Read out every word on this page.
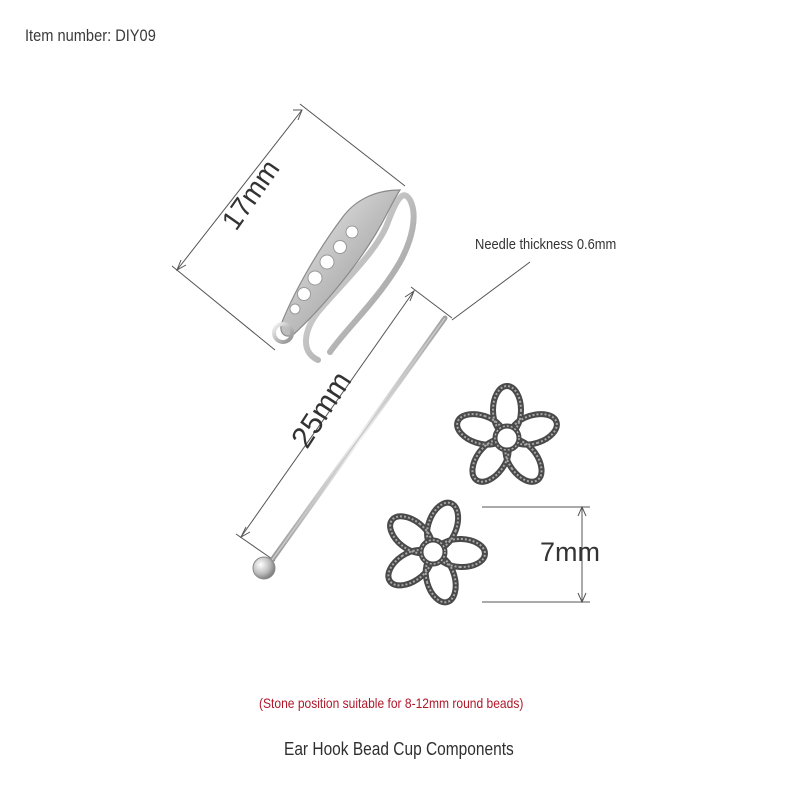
Item number: DIY09
Needle thickness 0.6mm
17mm
25mm
7mm
(Stone position suitable for 8-12mm round beads)
Ear Hook Bead Cup Components
